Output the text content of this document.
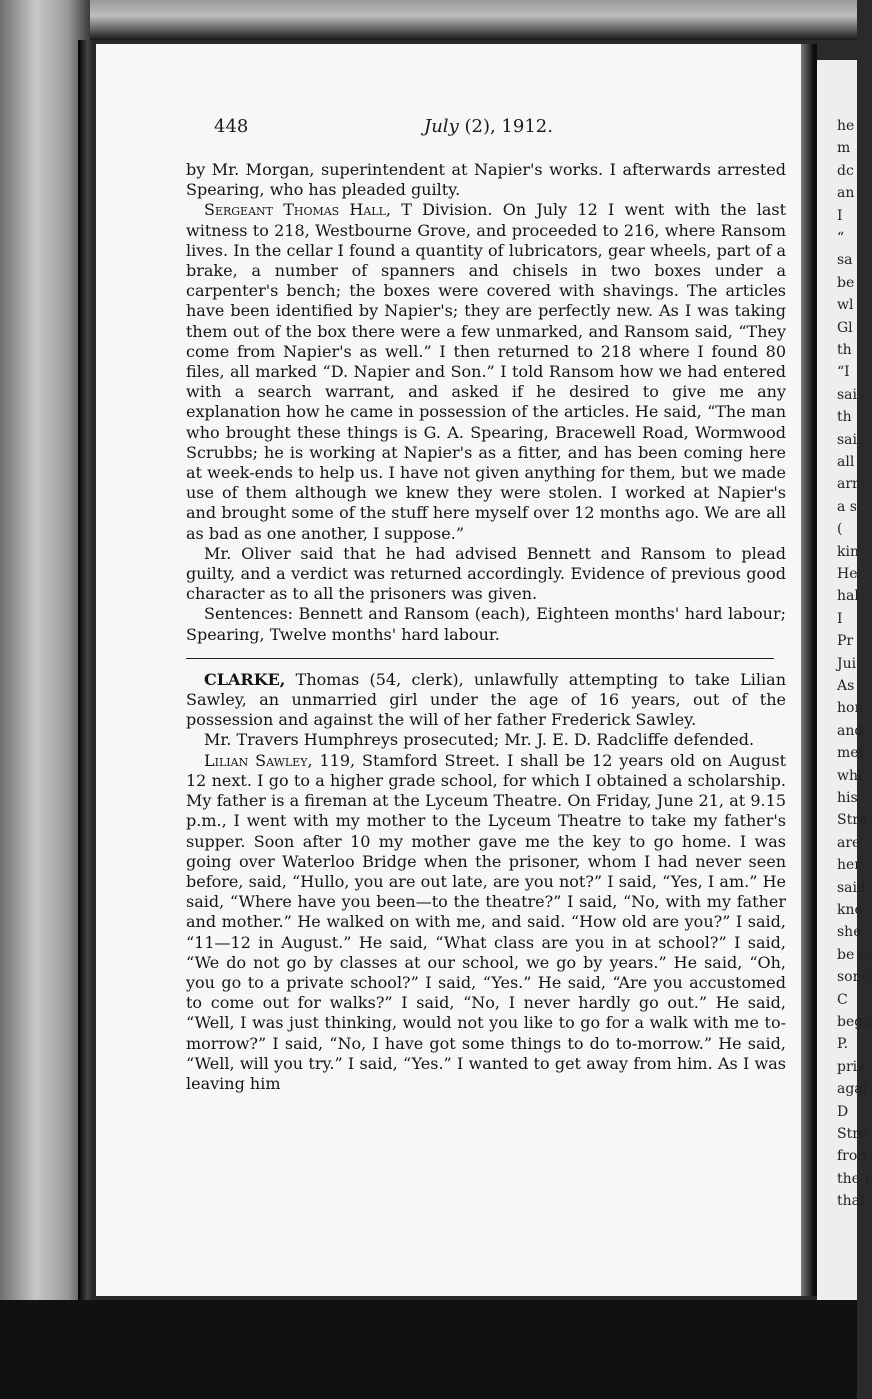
he
m
dc
an
I
“
sa
be
wl
Gl
th
“I
sai
th
sai
all
arr
a s
(
kin
He
hal
I
Pr
Jui
As
hon
and
mei
whi
his
Stre
are
her
said
kno
she
be c
sone
C
begg
P.
pris
agai
D
Stre
fron
the r
that
448	July (2), 1912.

by Mr. Morgan, superintendent at Napier's works. I afterwards arrested Spearing, who has pleaded guilty.

Sergeant Thomas Hall, T Division. On July 12 I went with the last witness to 218, Westbourne Grove, and proceeded to 216, where Ransom lives. In the cellar I found a quantity of lubricators, gear wheels, part of a brake, a number of spanners and chisels in two boxes under a carpenter's bench; the boxes were covered with shavings. The articles have been identified by Napier's; they are perfectly new. As I was taking them out of the box there were a few unmarked, and Ransom said, “They come from Napier's as well.” I then returned to 218 where I found 80 files, all marked “D. Napier and Son.” I told Ransom how we had entered with a search warrant, and asked if he desired to give me any explanation how he came in possession of the articles. He said, “The man who brought these things is G. A. Spearing, Bracewell Road, Wormwood Scrubbs; he is working at Napier's as a fitter, and has been coming here at week-ends to help us. I have not given anything for them, but we made use of them although we knew they were stolen. I worked at Napier's and brought some of the stuff here myself over 12 months ago. We are all as bad as one another, I suppose.”

Mr. Oliver said that he had advised Bennett and Ransom to plead guilty, and a verdict was returned accordingly. Evidence of previous good character as to all the prisoners was given.

Sentences: Bennett and Ransom (each), Eighteen months' hard labour; Spearing, Twelve months' hard labour.

CLARKE, Thomas (54, clerk), unlawfully attempting to take Lilian Sawley, an unmarried girl under the age of 16 years, out of the possession and against the will of her father Frederick Sawley.

Mr. Travers Humphreys prosecuted; Mr. J. E. D. Radcliffe defended.

Lilian Sawley, 119, Stamford Street. I shall be 12 years old on August 12 next. I go to a higher grade school, for which I obtained a scholarship. My father is a fireman at the Lyceum Theatre. On Friday, June 21, at 9.15 p.m., I went with my mother to the Lyceum Theatre to take my father's supper. Soon after 10 my mother gave me the key to go home. I was going over Waterloo Bridge when the prisoner, whom I had never seen before, said, “Hullo, you are out late, are you not?” I said, “Yes, I am.” He said, “Where have you been—to the theatre?” I said, “No, with my father and mother.” He walked on with me, and said. “How old are you?” I said, “11—12 in August.” He said, “What class are you in at school?” I said, “We do not go by classes at our school, we go by years.” He said, “Oh, you go to a private school?” I said, “Yes.” He said, “Are you accustomed to come out for walks?” I said, “No, I never hardly go out.” He said, “Well, I was just thinking, would not you like to go for a walk with me to-morrow?” I said, “No, I have got some things to do to-morrow.” He said, “Well, will you try.” I said, “Yes.” I wanted to get away from him. As I was leaving him
